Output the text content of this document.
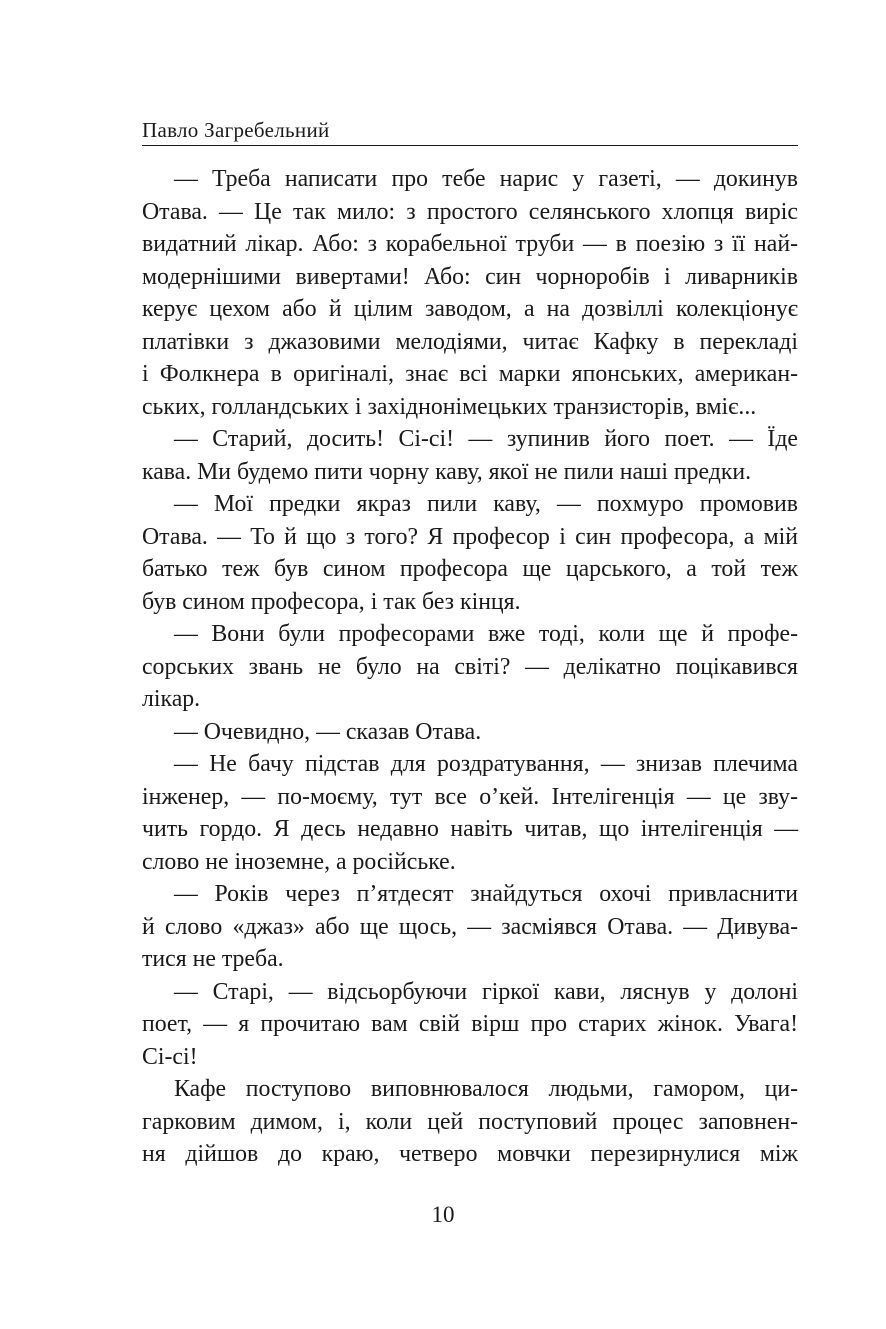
Павло Загребельний
— Треба написати про тебе нарис у газеті, — докинув
Отава. — Це так мило: з простого селянського хлопця виріс
видатний лікар. Або: з корабельної труби — в поезію з її най-
модернішими вивертами! Або: син чорноробів і ливарників
керує цехом або й цілим заводом, а на дозвіллі колекціонує
платівки з джазовими мелодіями, читає Кафку в перекладі
і Фолкнера в оригіналі, знає всі марки японських, американ-
ських, голландських і західнонімецьких транзисторів, вміє...
— Старий, досить! Сі-сі! — зупинив його поет. — Їде
кава. Ми будемо пити чорну каву, якої не пили наші предки.
— Мої предки якраз пили каву, — похмуро промовив
Отава. — То й що з того? Я професор і син професора, а мій
батько теж був сином професора ще царського, а той теж
був сином професора, і так без кінця.
— Вони були професорами вже тоді, коли ще й профе-
сорських звань не було на світі? — делікатно поцікавився
лікар.
— Очевидно, — сказав Отава.
— Не бачу підстав для роздратування, — знизав плечима
інженер, — по-моєму, тут все о’кей. Інтелігенція — це зву-
чить гордо. Я десь недавно навіть читав, що інтелігенція —
слово не іноземне, а російське.
— Років через п’ятдесят знайдуться охочі привласнити
й слово «джаз» або ще щось, — засміявся Отава. — Дивува-
тися не треба.
— Старі, — відсьорбуючи гіркої кави, ляснув у долоні
поет, — я прочитаю вам свій вірш про старих жінок. Увага!
Сі-сі!
Кафе поступово виповнювалося людьми, гамором, ци-
гарковим димом, і, коли цей поступовий процес заповнен-
ня дійшов до краю, четверо мовчки перезирнулися між
10
